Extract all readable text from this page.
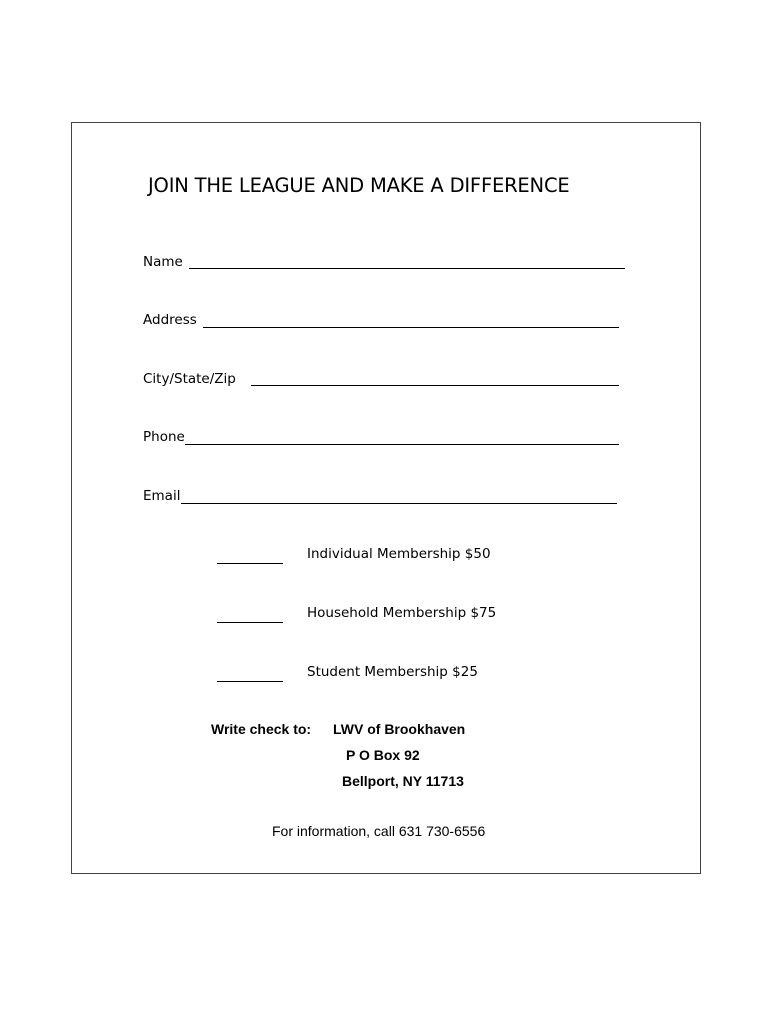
JOIN THE LEAGUE AND MAKE A DIFFERENCE
Name
Address
City/State/Zip
Phone
Email
Individual Membership $50
Household Membership $75
Student Membership $25
Write check to: LWV of Brookhaven
P O Box 92
Bellport, NY 11713
For information, call 631 730-6556
